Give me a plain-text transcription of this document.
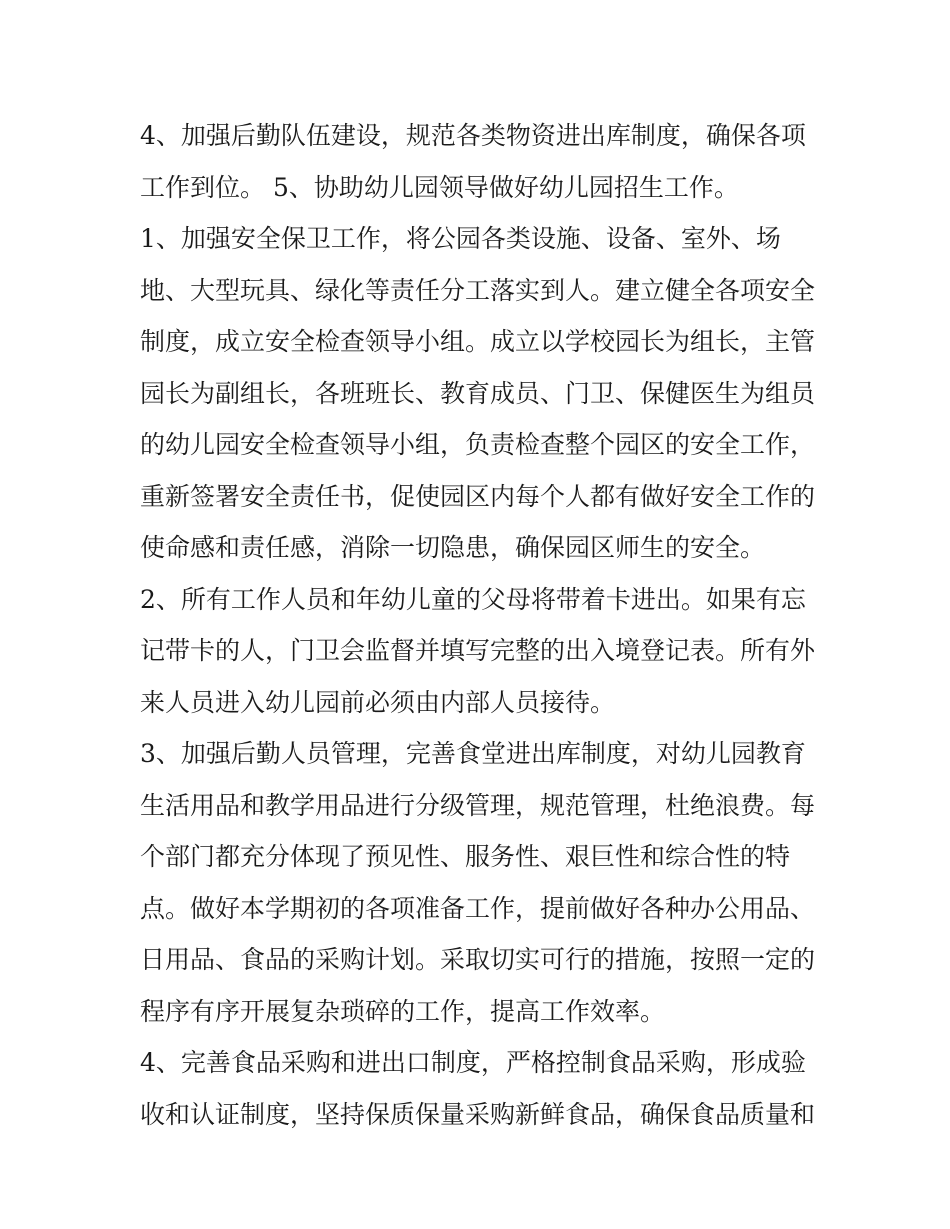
4、加强后勤队伍建设，规范各类物资进出库制度，确保各项

工作到位。 5、协助幼儿园领导做好幼儿园招生工作。

1、加强安全保卫工作，将公园各类设施、设备、室外、场

地、大型玩具、绿化等责任分工落实到人。建立健全各项安全

制度，成立安全检查领导小组。成立以学校园长为组长，主管

园长为副组长，各班班长、教育成员、门卫、保健医生为组员

的幼儿园安全检查领导小组，负责检查整个园区的安全工作，

重新签署安全责任书，促使园区内每个人都有做好安全工作的

使命感和责任感，消除一切隐患，确保园区师生的安全。

2、所有工作人员和年幼儿童的父母将带着卡进出。如果有忘

记带卡的人，门卫会监督并填写完整的出入境登记表。所有外

来人员进入幼儿园前必须由内部人员接待。

3、加强后勤人员管理，完善食堂进出库制度，对幼儿园教育

生活用品和教学用品进行分级管理，规范管理，杜绝浪费。每

个部门都充分体现了预见性、服务性、艰巨性和综合性的特

点。做好本学期初的各项准备工作，提前做好各种办公用品、

日用品、食品的采购计划。采取切实可行的措施，按照一定的

程序有序开展复杂琐碎的工作，提高工作效率。

4、完善食品采购和进出口制度，严格控制食品采购，形成验

收和认证制度，坚持保质保量采购新鲜食品，确保食品质量和
